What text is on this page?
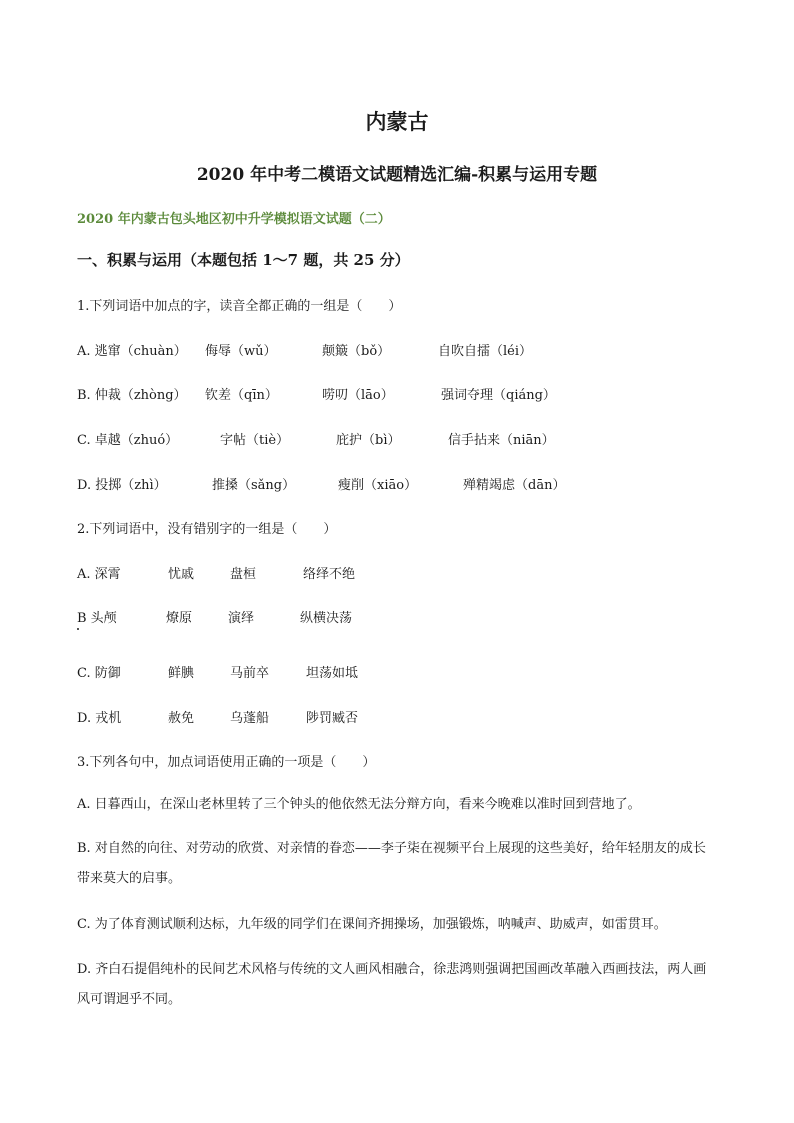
内蒙古
2020 年中考二模语文试题精选汇编-积累与运用专题
2020 年内蒙古包头地区初中升学模拟语文试题（二）
一、积累与运用（本题包括 1～7 题，共 25 分）
1.下列词语中加点的字，读音全都正确的一组是（　　）
A. 逃窜（chuàn） 侮辱（wǔ）	颠簸（bǒ）	自吹自擂（léi）
B. 仲裁（zhòng） 钦差（qīn）	唠叨（lāo）	强词夺理（qiáng）
C. 卓越（zhuó）	字帖（tiè）	庇护（bì）	信手拈来（niān）
D. 投掷（zhì）	推搡（sǎng）	瘦削（xiāo）	殚精竭虑（dān）
2.下列词语中，没有错别字的一组是（　　）
A. 深霄	忧戚	盘桓	络绎不绝
B 头颅	燎原	演绎	纵横决荡
C. 防御	鲜腆	马前卒	坦荡如坻
D. 戎机	赦免	乌蓬船	陟罚臧否
3.下列各句中，加点词语使用正确的一项是（　　）
A. 日暮西山，在深山老林里转了三个钟头的他依然无法分辩方向，看来今晚难以准时回到营地了。
B. 对自然的向往、对劳动的欣赏、对亲情的眷恋——李子柒在视频平台上展现的这些美好，给年轻朋友的成长带来莫大的启事。
C. 为了体育测试顺利达标，九年级的同学们在课间齐拥操场，加强锻炼，呐喊声、助威声，如雷贯耳。
D. 齐白石提倡纯朴的民间艺术风格与传统的文人画风相融合，徐悲鸿则强调把国画改革融入西画技法，两人画风可谓迥乎不同。
